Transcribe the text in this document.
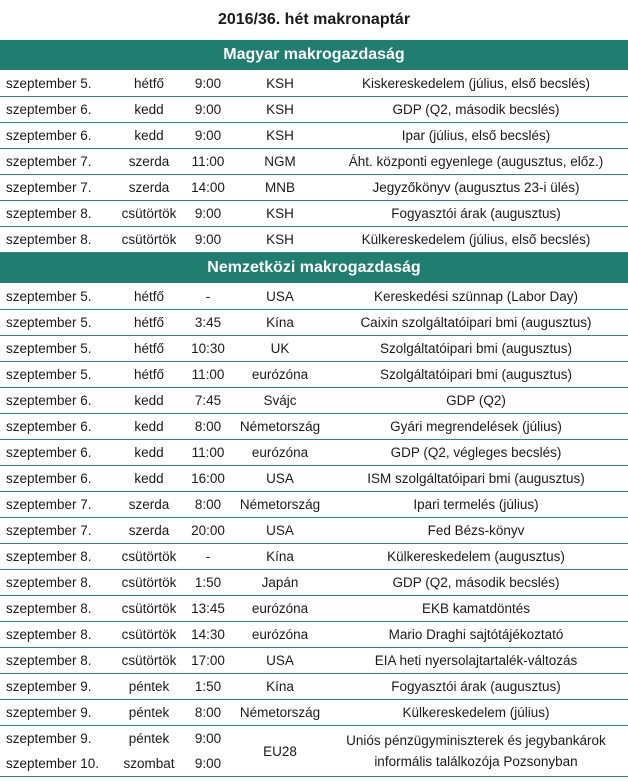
2016/36. hét makronaptár
Magyar makrogazdaság
szeptember 5.	hétfő	9:00	KSH	Kiskereskedelem (július, első becslés)
szeptember 6.	kedd	9:00	KSH	GDP (Q2, második becslés)
szeptember 6.	kedd	9:00	KSH	Ipar (július, első becslés)
szeptember 7.	szerda	11:00	NGM	Áht. központi egyenlege (augusztus, előz.)
szeptember 7.	szerda	14:00	MNB	Jegyzőkönyv (augusztus 23-i ülés)
szeptember 8.	csütörtök	9:00	KSH	Fogyasztói árak (augusztus)
szeptember 8.	csütörtök	9:00	KSH	Külkereskedelem (július, első becslés)
Nemzetközi makrogazdaság
szeptember 5.	hétfő	-	USA	Kereskedési szünnap (Labor Day)
szeptember 5.	hétfő	3:45	Kína	Caixin szolgáltatóipari bmi (augusztus)
szeptember 5.	hétfő	10:30	UK	Szolgáltatóipari bmi (augusztus)
szeptember 5.	hétfő	11:00	eurózóna	Szolgáltatóipari bmi (augusztus)
szeptember 6.	kedd	7:45	Svájc	GDP (Q2)
szeptember 6.	kedd	8:00	Németország	Gyári megrendelések (július)
szeptember 6.	kedd	11:00	eurózóna	GDP (Q2, végleges becslés)
szeptember 6.	kedd	16:00	USA	ISM szolgáltatóipari bmi (augusztus)
szeptember 7.	szerda	8:00	Németország	Ipari termelés (július)
szeptember 7.	szerda	20:00	USA	Fed Bézs-könyv
szeptember 8.	csütörtök	-	Kína	Külkereskedelem (augusztus)
szeptember 8.	csütörtök	1:50	Japán	GDP (Q2, második becslés)
szeptember 8.	csütörtök	13:45	eurózóna	EKB kamatdöntés
szeptember 8.	csütörtök	14:30	eurózóna	Mario Draghi sajtótájékoztató
szeptember 8.	csütörtök	17:00	USA	EIA heti nyersolajtartalék-változás
szeptember 9.	péntek	1:50	Kína	Fogyasztói árak (augusztus)
szeptember 9.	péntek	8:00	Németország	Külkereskedelem (július)
szeptember 9.	péntek	9:00	EU28	Uniós pénzügyminiszterek és jegybankárok informális találkozója Pozsonyban
szeptember 10.	szombat	9:00		
